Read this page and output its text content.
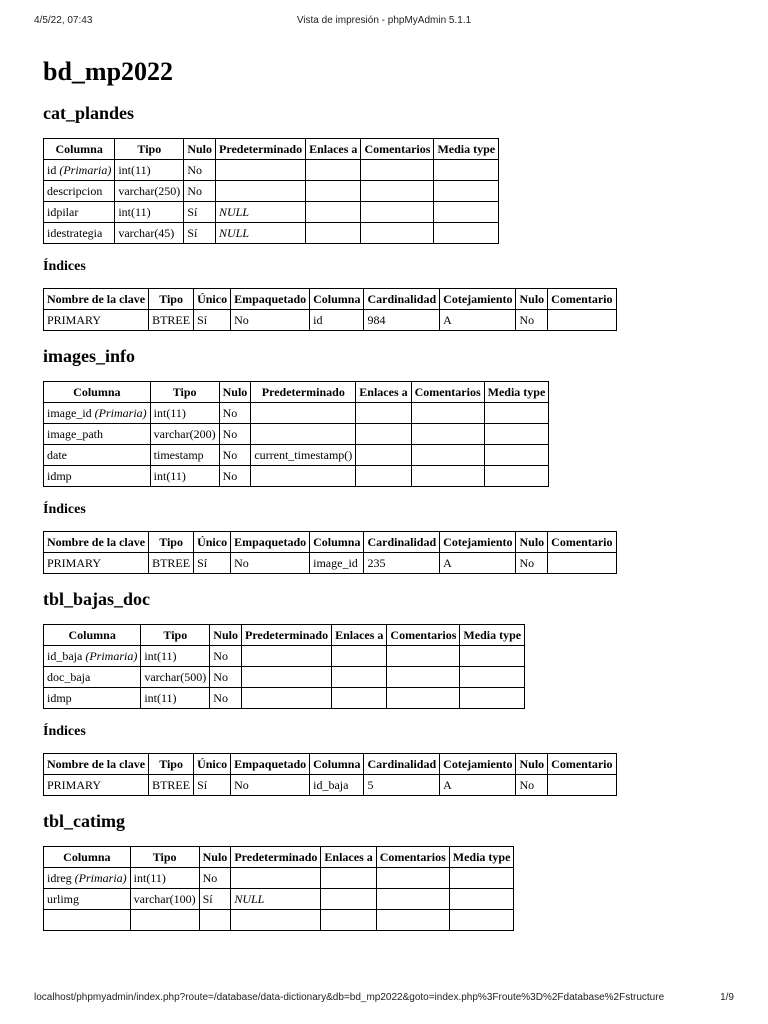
4/5/22, 07:43	Vista de impresión - phpMyAdmin 5.1.1
bd_mp2022
cat_plandes
Columna	Tipo	Nulo	Predeterminado	Enlaces a	Comentarios	Media type
id (Primaria)	int(11)	No				
descripcion	varchar(250)	No				
idpilar	int(11)	Sí	NULL			
idestrategia	varchar(45)	Sí	NULL			
Índices
Nombre de la clave	Tipo	Único	Empaquetado	Columna	Cardinalidad	Cotejamiento	Nulo	Comentario
PRIMARY	BTREE	Sí	No	id	984	A	No	
images_info
Columna	Tipo	Nulo	Predeterminado	Enlaces a	Comentarios	Media type
image_id (Primaria)	int(11)	No				
image_path	varchar(200)	No				
date	timestamp	No	current_timestamp()			
idmp	int(11)	No				
Índices
Nombre de la clave	Tipo	Único	Empaquetado	Columna	Cardinalidad	Cotejamiento	Nulo	Comentario
PRIMARY	BTREE	Sí	No	image_id	235	A	No	
tbl_bajas_doc
Columna	Tipo	Nulo	Predeterminado	Enlaces a	Comentarios	Media type
id_baja (Primaria)	int(11)	No				
doc_baja	varchar(500)	No				
idmp	int(11)	No				
Índices
Nombre de la clave	Tipo	Único	Empaquetado	Columna	Cardinalidad	Cotejamiento	Nulo	Comentario
PRIMARY	BTREE	Sí	No	id_baja	5	A	No	
tbl_catimg
Columna	Tipo	Nulo	Predeterminado	Enlaces a	Comentarios	Media type
idreg (Primaria)	int(11)	No				
urlimg	varchar(100)	Sí	NULL			

localhost/phpmyadmin/index.php?route=/database/data-dictionary&db=bd_mp2022&goto=index.php%3Froute%3D%2Fdatabase%2Fstructure	1/9
